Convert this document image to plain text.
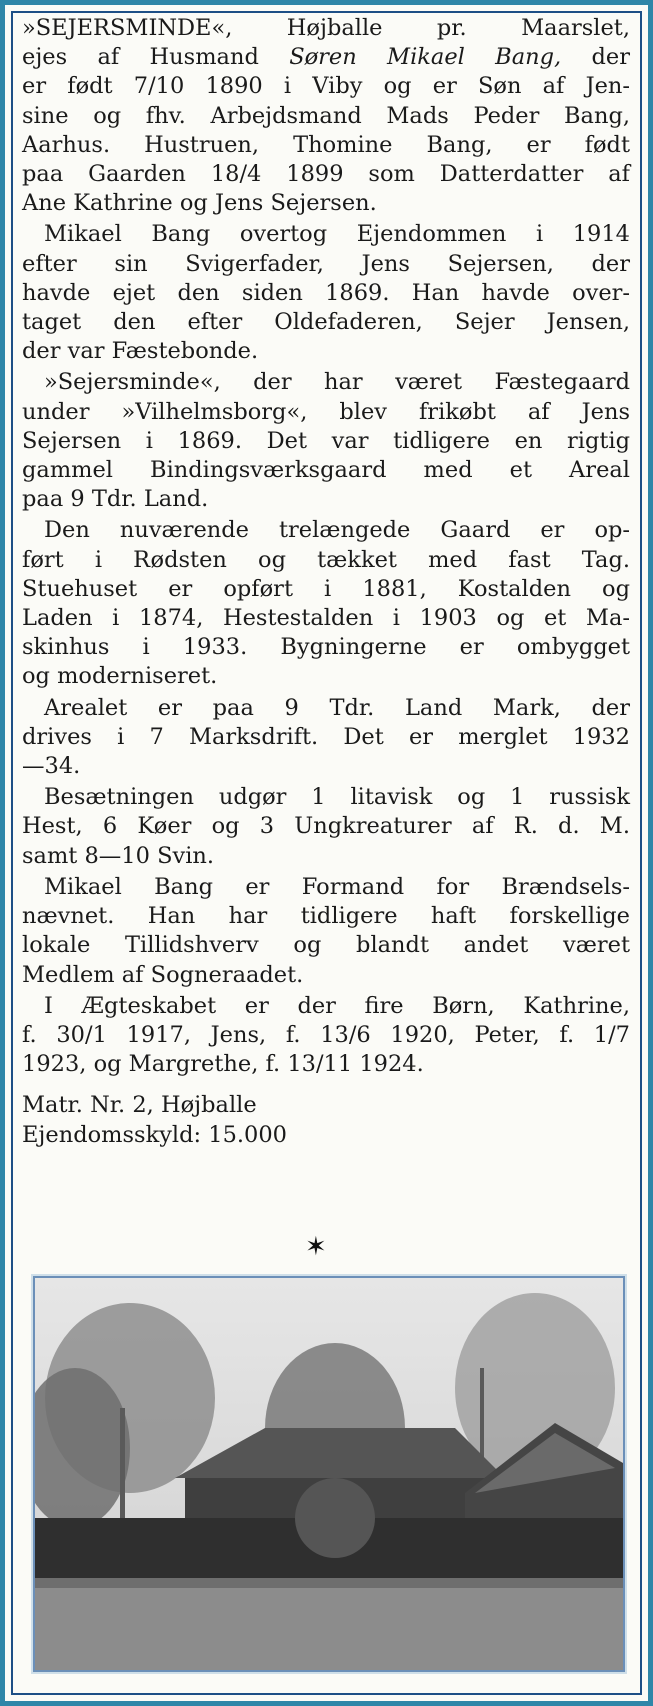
»SEJERSMINDE«, Højballe pr. Maarslet,
ejes af Husmand Søren Mikael Bang, der
er født 7/10 1890 i Viby og er Søn af Jen-
sine og fhv. Arbejdsmand Mads Peder Bang,
Aarhus. Hustruen, Thomine Bang, er født
paa Gaarden 18/4 1899 som Datterdatter af
Ane Kathrine og Jens Sejersen.

Mikael Bang overtog Ejendommen i 1914
efter sin Svigerfader, Jens Sejersen, der
havde ejet den siden 1869. Han havde over-
taget den efter Oldefaderen, Sejer Jensen,
der var Fæstebonde.

»Sejersminde«, der har været Fæstegaard
under »Vilhelmsborg«, blev frikøbt af Jens
Sejersen i 1869. Det var tidligere en rigtig
gammel Bindingsværksgaard med et Areal
paa 9 Tdr. Land.

Den nuværende trelængede Gaard er op-
ført i Rødsten og tækket med fast Tag.
Stuehuset er opført i 1881, Kostalden og
Laden i 1874, Hestestalden i 1903 og et Ma-
skinhus i 1933. Bygningerne er ombygget
og moderniseret.

Arealet er paa 9 Tdr. Land Mark, der
drives i 7 Marksdrift. Det er merglet 1932
—34.

Besætningen udgør 1 litavisk og 1 russisk
Hest, 6 Køer og 3 Ungkreaturer af R. d. M.
samt 8—10 Svin.

Mikael Bang er Formand for Brændsels-
nævnet. Han har tidligere haft forskellige
lokale Tillidshverv og blandt andet været
Medlem af Sogneraadet.

I Ægteskabet er der fire Børn, Kathrine,
f. 30/1 1917, Jens, f. 13/6 1920, Peter, f. 1/7
1923, og Margrethe, f. 13/11 1924.

Matr. Nr. 2, Højballe
Ejendomsskyld: 15.000
✶
